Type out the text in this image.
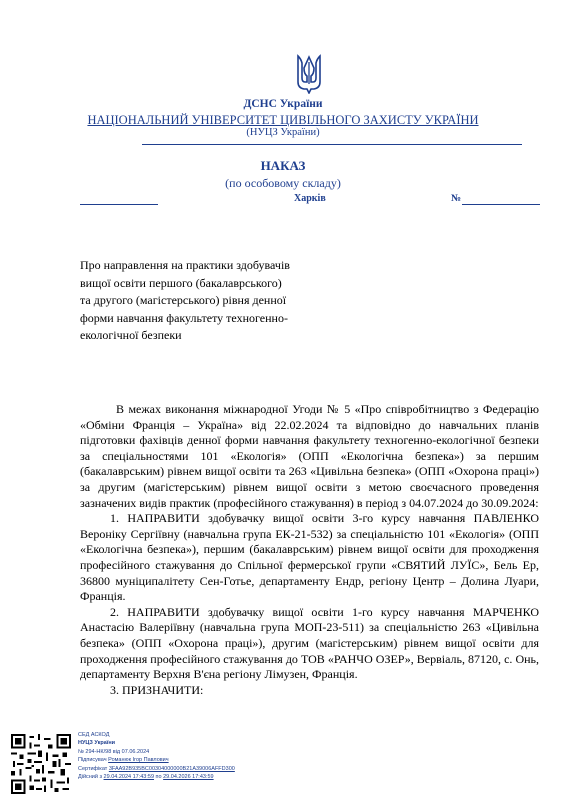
ДСНС України
НАЦІОНАЛЬНИЙ УНІВЕРСИТЕТ ЦИВІЛЬНОГО ЗАХИСТУ УКРАЇНИ
(НУЦЗ України)
НАКАЗ
(по особовому складу)
Харків	№
Про направлення на практики здобувачів вищої освіти першого (бакалаврського) та другого (магістерського) рівня денної форми навчання факультету техногенно-екологічної безпеки

В межах виконання міжнародної Угоди № 5 «Про співробітництво з Федерацію «Обміни Франція – Україна» від 22.02.2024 та відповідно до навчальних планів підготовки фахівців денної форми навчання факультету техногенно-екологічної безпеки за спеціальностями 101 «Екологія» (ОПП «Екологічна безпека») за першим (бакалаврським) рівнем вищої освіти та 263 «Цивільна безпека» (ОПП «Охорона праці») за другим (магістерським) рівнем вищої освіти з метою своєчасного проведення зазначених видів практик (професійного стажування) в період з 04.07.2024 до 30.09.2024:

1. НАПРАВИТИ здобувачку вищої освіти 3-го курсу навчання ПАВЛЕНКО Вероніку Сергіївну (навчальна група ЕК-21-532) за спеціальністю 101 «Екологія» (ОПП «Екологічна безпека»), першим (бакалаврським) рівнем вищої освіти для проходження професійного стажування до Спільної фермерської групи «СВЯТИЙ ЛУЇС», Бель Ер, 36800 муніципалітету Сен-Готье, департаменту Ендр, регіону Центр – Долина Луари, Франція.

2. НАПРАВИТИ здобувачку вищої освіти 1-го курсу навчання МАРЧЕНКО Анастасію Валеріївну (навчальна група МОП-23-511) за спеціальністю 263 «Цивільна безпека» (ОПП «Охорона праці»), другим (магістерським) рівнем вищої освіти для проходження професійного стажування до ТОВ «РАНЧО ОЗЕР», Вервіаль, 87120, с. Онь, департаменту Верхня В'єна регіону Лімузен, Франція.

3. ПРИЗНАЧИТИ:

СЕД АСКОД
НУЦЗ України
№ 294-НК/98 від 07.06.2024
Підписувач Романюк Ігор Павлович
Сертифікат 3FAA92B935BC00304000000B21A39006AFFD300
Дійсний з 29.04.2024 17:43:59 по 29.04.2026 17:43:59
